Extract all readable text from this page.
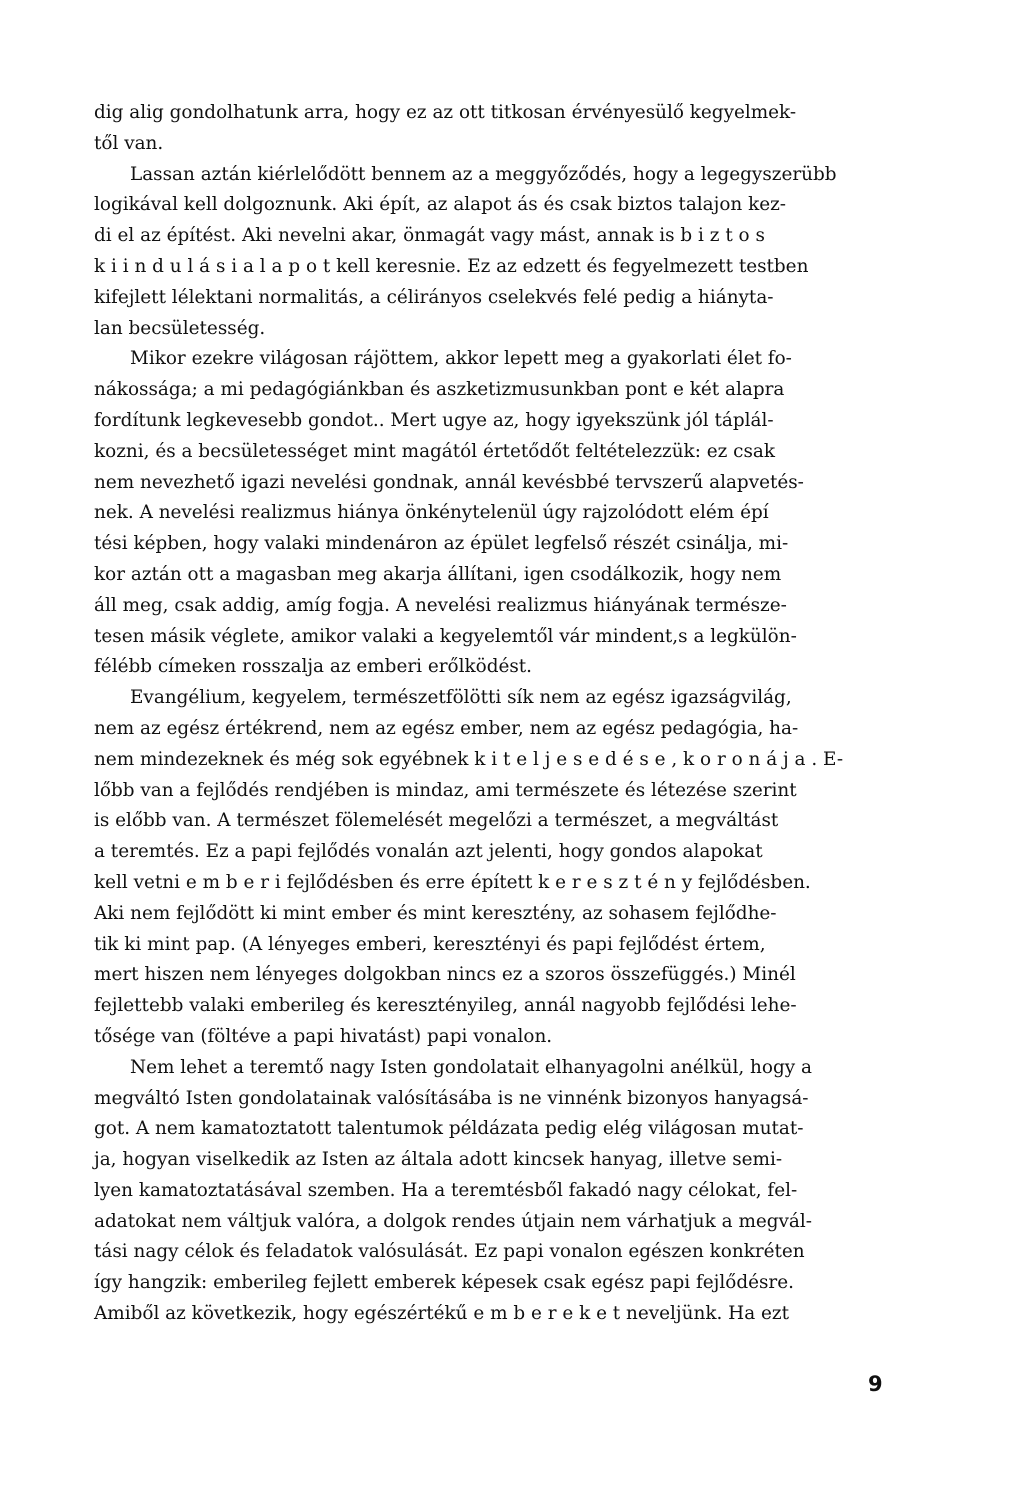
dig alig gondolhatunk arra, hogy ez az ott titkosan érvényesülő kegyelmek-
től van.
Lassan aztán kiérlelődött bennem az a meggyőződés, hogy a legegyszerübb
logikával kell dolgoznunk. Aki épít, az alapot ás és csak biztos talajon kez-
di el az építést. Aki nevelni akar, önmagát vagy mást, annak is b i z t o s
k i i n d u l á s i a l a p o t kell keresnie. Ez az edzett és fegyelmezett testben
kifejlett lélektani normalitás, a célirányos cselekvés felé pedig a hiányta-
lan becsületesség.
Mikor ezekre világosan rájöttem, akkor lepett meg a gyakorlati élet fo-
nákossága; a mi pedagógiánkban és aszketizmusunkban pont e két alapra
fordítunk legkevesebb gondot.. Mert ugye az, hogy igyekszünk jól táplál-
kozni, és a becsületességet mint magától értetődőt feltételezzük: ez csak
nem nevezhető igazi nevelési gondnak, annál kevésbbé tervszerű alapvetés-
nek. A nevelési realizmus hiánya önkénytelenül úgy rajzolódott elém épí
tési képben, hogy valaki mindenáron az épület legfelső részét csinálja, mi-
kor aztán ott a magasban meg akarja állítani, igen csodálkozik, hogy nem
áll meg, csak addig, amíg fogja. A nevelési realizmus hiányának természe-
tesen másik véglete, amikor valaki a kegyelemtől vár mindent,s a legkülön-
félébb címeken rosszalja az emberi erőlködést.
Evangélium, kegyelem, természetfölötti sík nem az egész igazságvilág,
nem az egész értékrend, nem az egész ember, nem az egész pedagógia, ha-
nem mindezeknek és még sok egyébnek k i t e l j e s e d é s e , k o r o n á j a . E-
lőbb van a fejlődés rendjében is mindaz, ami természete és létezése szerint
is előbb van. A természet fölemelését megelőzi a természet, a megváltást
a teremtés. Ez a papi fejlődés vonalán azt jelenti, hogy gondos alapokat
kell vetni e m b e r i fejlődésben és erre épített k e r e s z t é n y fejlődésben.
Aki nem fejlődött ki mint ember és mint keresztény, az sohasem fejlődhe-
tik ki mint pap. (A lényeges emberi, keresztényi és papi fejlődést értem,
mert hiszen nem lényeges dolgokban nincs ez a szoros összefüggés.) Minél
fejlettebb valaki emberileg és keresztényileg, annál nagyobb fejlődési lehe-
tősége van (föltéve a papi hivatást) papi vonalon.
Nem lehet a teremtő nagy Isten gondolatait elhanyagolni anélkül, hogy a
megváltó Isten gondolatainak valósításába is ne vinnénk bizonyos hanyagsá-
got. A nem kamatoztatott talentumok példázata pedig elég világosan mutat-
ja, hogyan viselkedik az Isten az általa adott kincsek hanyag, illetve semi-
lyen kamatoztatásával szemben. Ha a teremtésből fakadó nagy célokat, fel-
adatokat nem váltjuk valóra, a dolgok rendes útjain nem várhatjuk a megvál-
tási nagy célok és feladatok valósulását. Ez papi vonalon egészen konkréten
így hangzik: emberileg fejlett emberek képesek csak egész papi fejlődésre.
Amiből az következik, hogy egészértékű e m b e r e k e t neveljünk. Ha ezt
9
